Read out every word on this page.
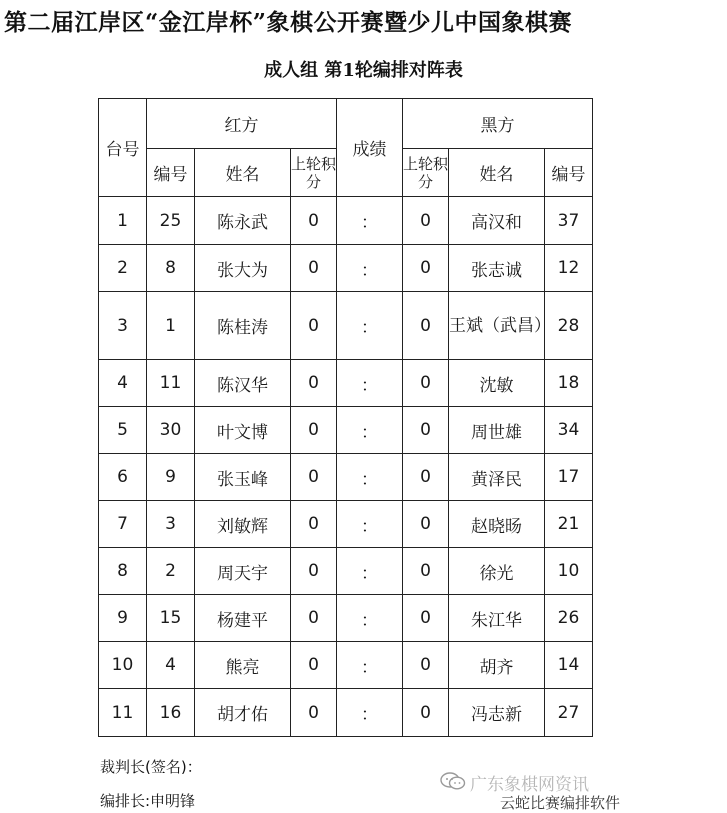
第二届江岸区“金江岸杯”象棋公开赛暨少儿中国象棋赛
成人组 第1轮编排对阵表
台号	红方			成绩	黑方		
	编号	姓名	上轮积分		上轮积分	姓名	编号
1	25	陈永武	0	：	0	高汉和	37
2	8	张大为	0	：	0	张志诚	12
3	1	陈桂涛	0	：	0	王斌（武昌）	28
4	11	陈汉华	0	：	0	沈敏	18
5	30	叶文博	0	：	0	周世雄	34
6	9	张玉峰	0	：	0	黄泽民	17
7	3	刘敏辉	0	：	0	赵晓旸	21
8	2	周天宇	0	：	0	徐光	10
9	15	杨建平	0	：	0	朱江华	26
10	4	熊亮	0	：	0	胡齐	14
11	16	胡才佑	0	：	0	冯志新	27
裁判长(签名)：
编排长:申明锋
广东象棋网资讯
云蛇比赛编排软件
